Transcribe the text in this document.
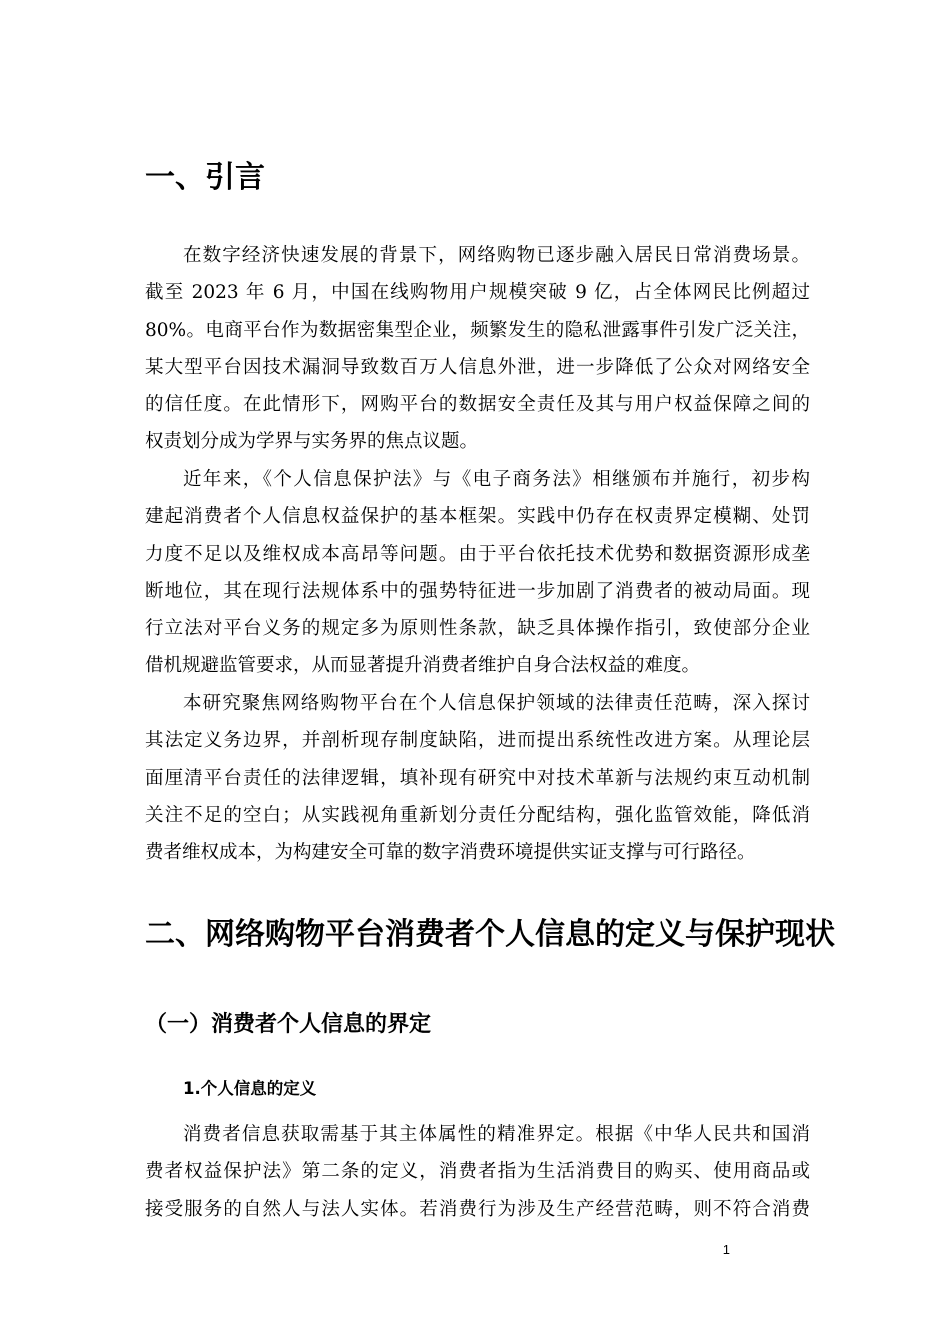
一、引言
在数字经济快速发展的背景下，网络购物已逐步融入居民日常消费场景。
截至 2023 年 6 月，中国在线购物用户规模突破 9 亿，占全体网民比例超过
80%。电商平台作为数据密集型企业，频繁发生的隐私泄露事件引发广泛关注，
某大型平台因技术漏洞导致数百万人信息外泄，进一步降低了公众对网络安全
的信任度。在此情形下，网购平台的数据安全责任及其与用户权益保障之间的
权责划分成为学界与实务界的焦点议题。
近年来，《个人信息保护法》与《电子商务法》相继颁布并施行，初步构
建起消费者个人信息权益保护的基本框架。实践中仍存在权责界定模糊、处罚
力度不足以及维权成本高昂等问题。由于平台依托技术优势和数据资源形成垄
断地位，其在现行法规体系中的强势特征进一步加剧了消费者的被动局面。现
行立法对平台义务的规定多为原则性条款，缺乏具体操作指引，致使部分企业
借机规避监管要求，从而显著提升消费者维护自身合法权益的难度。
本研究聚焦网络购物平台在个人信息保护领域的法律责任范畴，深入探讨
其法定义务边界，并剖析现存制度缺陷，进而提出系统性改进方案。从理论层
面厘清平台责任的法律逻辑，填补现有研究中对技术革新与法规约束互动机制
关注不足的空白；从实践视角重新划分责任分配结构，强化监管效能，降低消
费者维权成本，为构建安全可靠的数字消费环境提供实证支撑与可行路径。
二、网络购物平台消费者个人信息的定义与保护现状
（一）消费者个人信息的界定
1.个人信息的定义
消费者信息获取需基于其主体属性的精准界定。根据《中华人民共和国消
费者权益保护法》第二条的定义，消费者指为生活消费目的购买、使用商品或
接受服务的自然人与法人实体。若消费行为涉及生产经营范畴，则不符合消费
1
